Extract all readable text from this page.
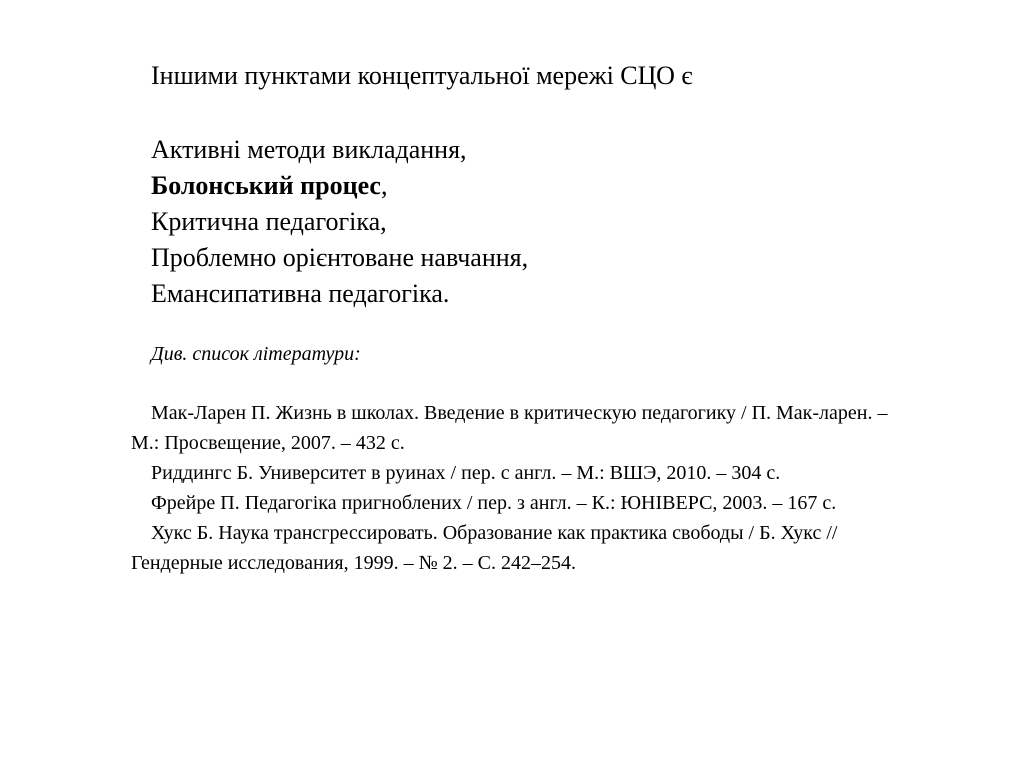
Іншими пунктами концептуальної мережі СЦО є

Активні методи викладання,
Болонський процес,
Критична педагогіка,
Проблемно орієнтоване навчання,
Емансипативна педагогіка.

Див. список літератури:

Мак-Ларен П. Жизнь в школах. Введение в критическую педагогику / П. Мак-ларен. – М.: Просвещение, 2007. – 432 с.
Риддингс Б. Университет в руинах / пер. с англ. – М.: ВШЭ, 2010. – 304 с.
Фрейре П. Педагогіка пригноблених / пер. з англ. – К.: ЮНІВЕРС, 2003. – 167 с.
Хукс Б. Наука трансгрессировать. Образование как практика свободы / Б. Хукс // Гендерные исследования, 1999. – № 2. – С. 242–254.
